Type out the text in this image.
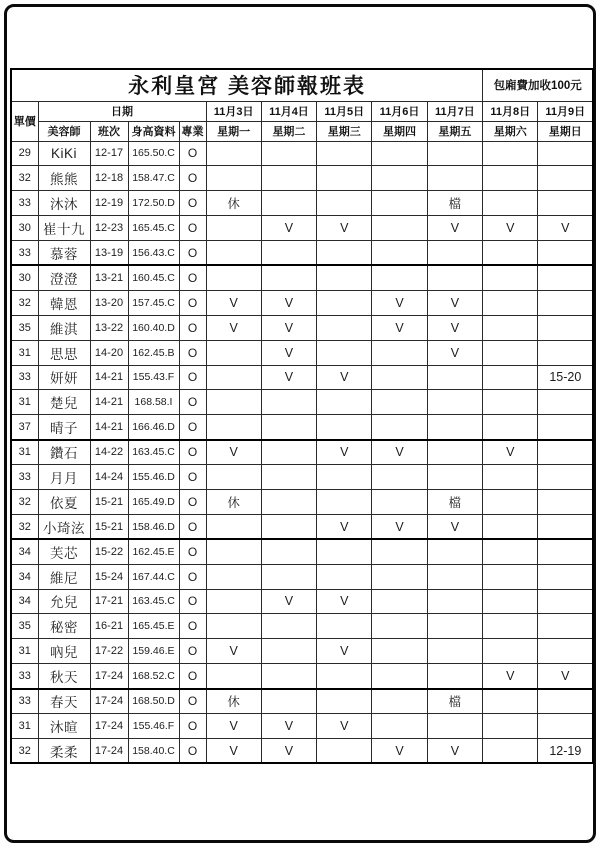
永利皇宮 美容師報班表										包廂費加收100元	
單價	日期				11月3日	11月4日	11月5日	11月6日	11月7日	11月8日	11月9日
	美容師	班次	身高資料	專業	星期一	星期二	星期三	星期四	星期五	星期六	星期日
29	KiKi	12-17	165.50.C	O							
32	熊熊	12-18	158.47.C	O							
33	沐沐	12-19	172.50.D	O	休				檔		
30	崔十九	12-23	165.45.C	O		V	V		V	V	V
33	慕蓉	13-19	156.43.C	O							
30	澄澄	13-21	160.45.C	O							
32	韓恩	13-20	157.45.C	O	V	V		V	V		
35	維淇	13-22	160.40.D	O	V	V		V	V		
31	思思	14-20	162.45.B	O		V			V		
33	妍妍	14-21	155.43.F	O		V	V				15-20
31	楚兒	14-21	168.58.I	O							
37	晴子	14-21	166.46.D	O							
31	鑽石	14-22	163.45.C	O	V		V	V		V	
33	月月	14-24	155.46.D	O							
32	依夏	15-21	165.49.D	O	休				檔		
32	小琦泫	15-21	158.46.D	O			V	V	V		
34	芙芯	15-22	162.45.E	O							
34	維尼	15-24	167.44.C	O							
34	允兒	17-21	163.45.C	O		V	V				
35	秘密	16-21	165.45.E	O							
31	吶兒	17-22	159.46.E	O	V		V				
33	秋天	17-24	168.52.C	O						V	V
33	春天	17-24	168.50.D	O	休				檔		
31	沐暄	17-24	155.46.F	O	V	V	V				
32	柔柔	17-24	158.40.C	O	V	V		V	V		12-19
